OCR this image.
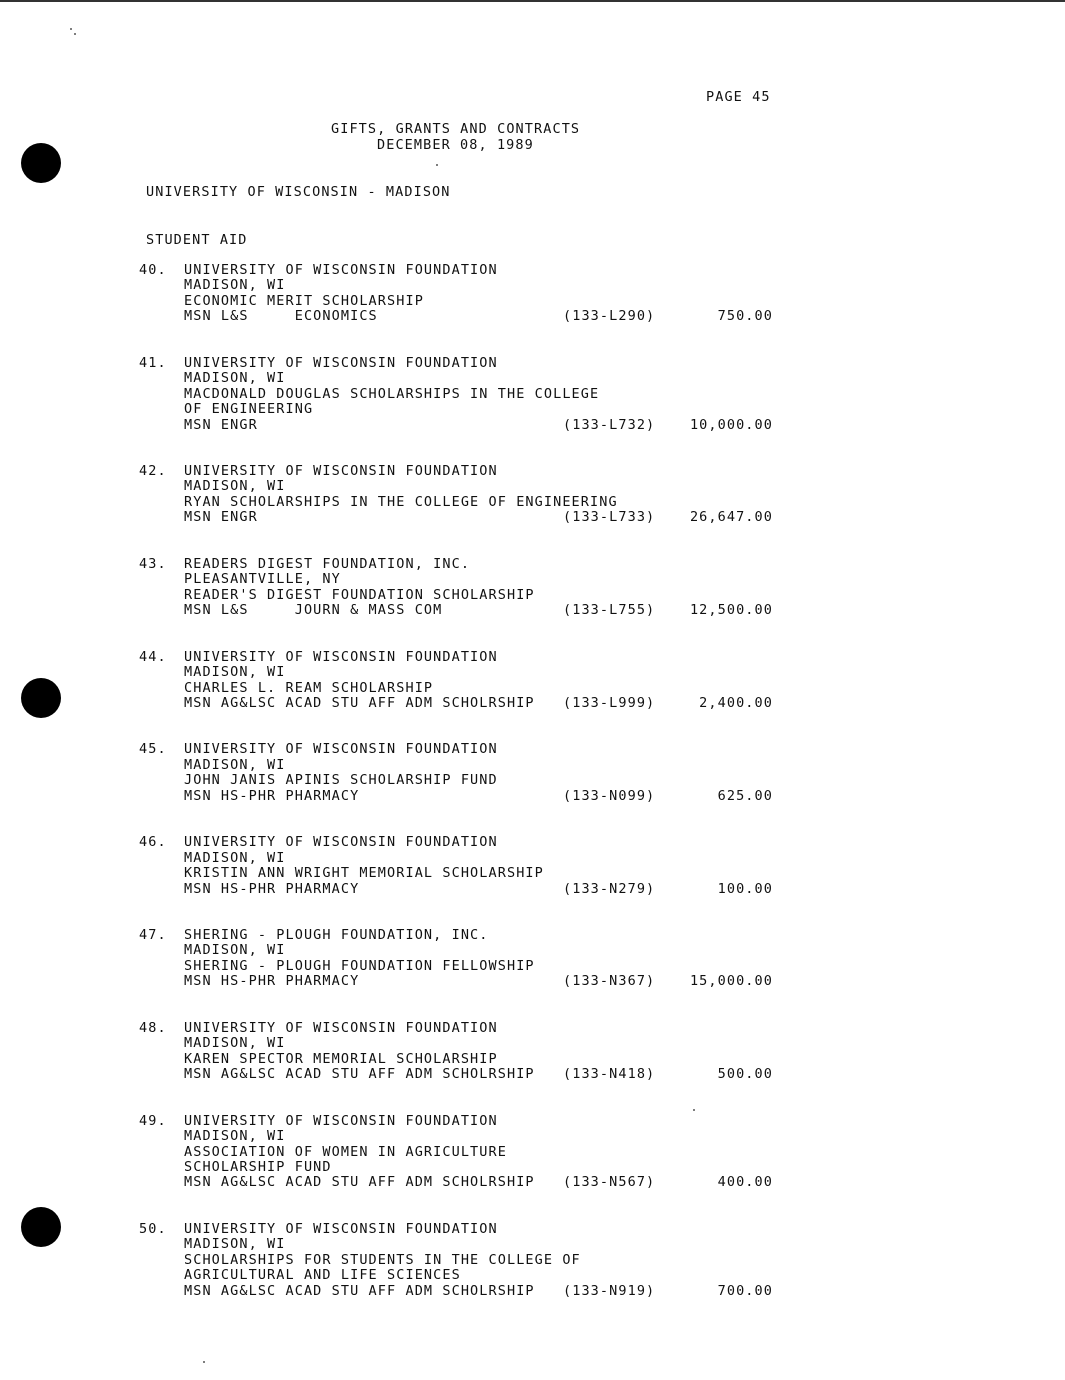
PAGE 45
GIFTS, GRANTS AND CONTRACTS
DECEMBER 08, 1989
UNIVERSITY OF WISCONSIN - MADISON
STUDENT AID
40. UNIVERSITY OF WISCONSIN FOUNDATION
MADISON, WI
ECONOMIC MERIT SCHOLARSHIP
MSN L&S     ECONOMICS	(133-L290)	750.00
41. UNIVERSITY OF WISCONSIN FOUNDATION
MADISON, WI
MACDONALD DOUGLAS SCHOLARSHIPS IN THE COLLEGE
OF ENGINEERING
MSN ENGR	(133-L732)	10,000.00
42. UNIVERSITY OF WISCONSIN FOUNDATION
MADISON, WI
RYAN SCHOLARSHIPS IN THE COLLEGE OF ENGINEERING
MSN ENGR	(133-L733)	26,647.00
43. READERS DIGEST FOUNDATION, INC.
PLEASANTVILLE, NY
READER'S DIGEST FOUNDATION SCHOLARSHIP
MSN L&S     JOURN & MASS COM	(133-L755)	12,500.00
44. UNIVERSITY OF WISCONSIN FOUNDATION
MADISON, WI
CHARLES L. REAM SCHOLARSHIP
MSN AG&LSC ACAD STU AFF ADM SCHOLRSHIP (133-L999)	2,400.00
45. UNIVERSITY OF WISCONSIN FOUNDATION
MADISON, WI
JOHN JANIS APINIS SCHOLARSHIP FUND
MSN HS-PHR PHARMACY	(133-N099)	625.00
46. UNIVERSITY OF WISCONSIN FOUNDATION
MADISON, WI
KRISTIN ANN WRIGHT MEMORIAL SCHOLARSHIP
MSN HS-PHR PHARMACY	(133-N279)	100.00
47. SHERING - PLOUGH FOUNDATION, INC.
MADISON, WI
SHERING - PLOUGH FOUNDATION FELLOWSHIP
MSN HS-PHR PHARMACY	(133-N367)	15,000.00
48. UNIVERSITY OF WISCONSIN FOUNDATION
MADISON, WI
KAREN SPECTOR MEMORIAL SCHOLARSHIP
MSN AG&LSC ACAD STU AFF ADM SCHOLRSHIP (133-N418)	500.00
49. UNIVERSITY OF WISCONSIN FOUNDATION
MADISON, WI
ASSOCIATION OF WOMEN IN AGRICULTURE
SCHOLARSHIP FUND
MSN AG&LSC ACAD STU AFF ADM SCHOLRSHIP (133-N567)	400.00
50. UNIVERSITY OF WISCONSIN FOUNDATION
MADISON, WI
SCHOLARSHIPS FOR STUDENTS IN THE COLLEGE OF
AGRICULTURAL AND LIFE SCIENCES
MSN AG&LSC ACAD STU AFF ADM SCHOLRSHIP (133-N919)	700.00
